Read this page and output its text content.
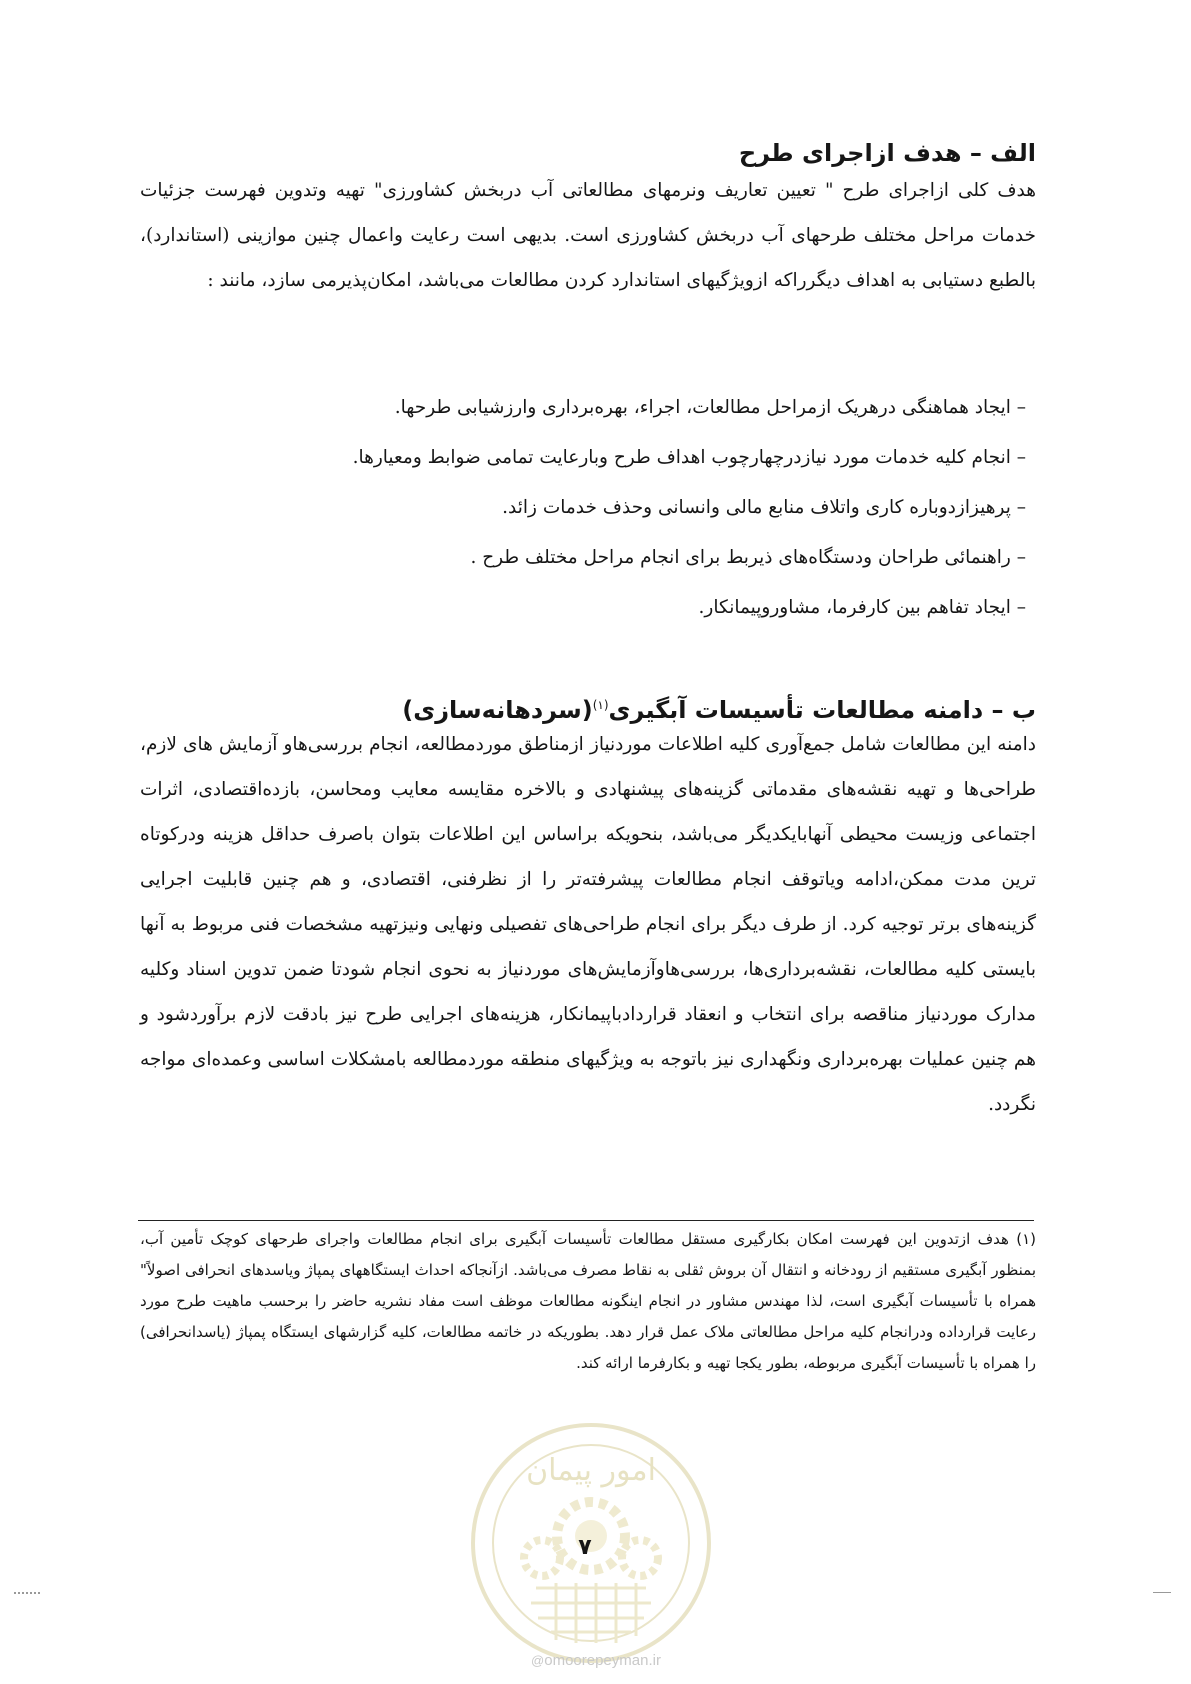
الف – هدف ازاجرای طرح

هدف کلی ازاجرای طرح " تعیین تعاریف ونرمهای مطالعاتی آب دربخش کشاورزی" تهیه وتدوین فهرست جزئیات خدمات مراحل مختلف طرحهای آب دربخش کشاورزی است. بدیهی است رعایت واعمال چنین موازینی (استاندارد)، بالطبع دستیابی به اهداف دیگرراکه ازویژگیهای استاندارد کردن مطالعات می‌باشد، امکان‌پذیرمی سازد، مانند :

– ایجاد هماهنگی درهریک ازمراحل مطالعات، اجراء، بهره‌برداری وارزشیابی طرحها.
– انجام کلیه خدمات مورد نیازدرچهارچوب اهداف طرح وبارعایت تمامی ضوابط ومعیارها.
– پرهیزازدوباره کاری واتلاف منابع مالی وانسانی وحذف خدمات زائد.
– راهنمائی طراحان ودستگاه‌های ذیربط برای انجام مراحل مختلف طرح .
– ایجاد تفاهم بین کارفرما، مشاوروپیمانکار.
ب – دامنه مطالعات تأسیسات آبگیری$^{(۱)}$(سردهانه‌سازی)

دامنه این مطالعات شامل جمع‌آوری کلیه اطلاعات موردنیاز ازمناطق موردمطالعه، انجام بررسی‌هاو آزمایش های لازم، طراحی‌ها و تهیه نقشه‌های مقدماتی گزینه‌های پیشنهادی و بالاخره مقایسه معایب ومحاسن، بازده‌اقتصادی، اثرات اجتماعی وزیست محیطی آنهابایکدیگر می‌باشد، بنحویکه براساس این اطلاعات بتوان باصرف حداقل هزینه ودرکوتاه ترین مدت ممکن،ادامه ویاتوقف انجام مطالعات پیشرفته‌تر را از نظرفنی، اقتصادی، و هم چنین قابلیت اجرایی گزینه‌های برتر توجیه کرد. از طرف دیگر برای انجام طراحی‌های تفصیلی ونهایی ونیزتهیه مشخصات فنی مربوط به آنها بایستی کلیه مطالعات، نقشه‌برداری‌ها، بررسی‌هاوآزمایش‌های موردنیاز به نحوی انجام شودتا ضمن تدوین اسناد وکلیه مدارک موردنیاز مناقصه برای انتخاب و انعقاد قراردادباپیمانکار، هزینه‌های اجرایی طرح نیز بادقت لازم برآوردشود و هم چنین عملیات بهره‌برداری ونگهداری نیز باتوجه به ویژگیهای منطقه موردمطالعه بامشکلات اساسی وعمده‌ای مواجه نگردد.

(۱) هدف ازتدوین این فهرست امکان بکارگیری مستقل مطالعات تأسیسات آبگیری برای انجام مطالعات واجرای طرحهای کوچک تأمین آب، بمنظور آبگیری مستقیم از رودخانه و انتقال آن بروش ثقلی به نقاط مصرف می‌باشد. ازآنجاکه احداث ایستگاههای پمپاژ ویاسدهای انحرافی اصولاً" همراه با تأسیسات آبگیری است، لذا مهندس مشاور در انجام اینگونه مطالعات موظف است مفاد نشریه حاضر را برحسب ماهیت طرح مورد رعایت قرارداده ودرانجام کلیه مراحل مطالعاتی ملاک عمل قرار دهد. بطوریکه در خاتمه مطالعات، کلیه گزارشهای ایستگاه پمپاژ (یاسدانحرافی) را همراه با تأسیسات آبگیری مربوطه، بطور یکجا تهیه و بکارفرما ارائه کند.

امور پیمان
۷
@omoorepeyman.ir
